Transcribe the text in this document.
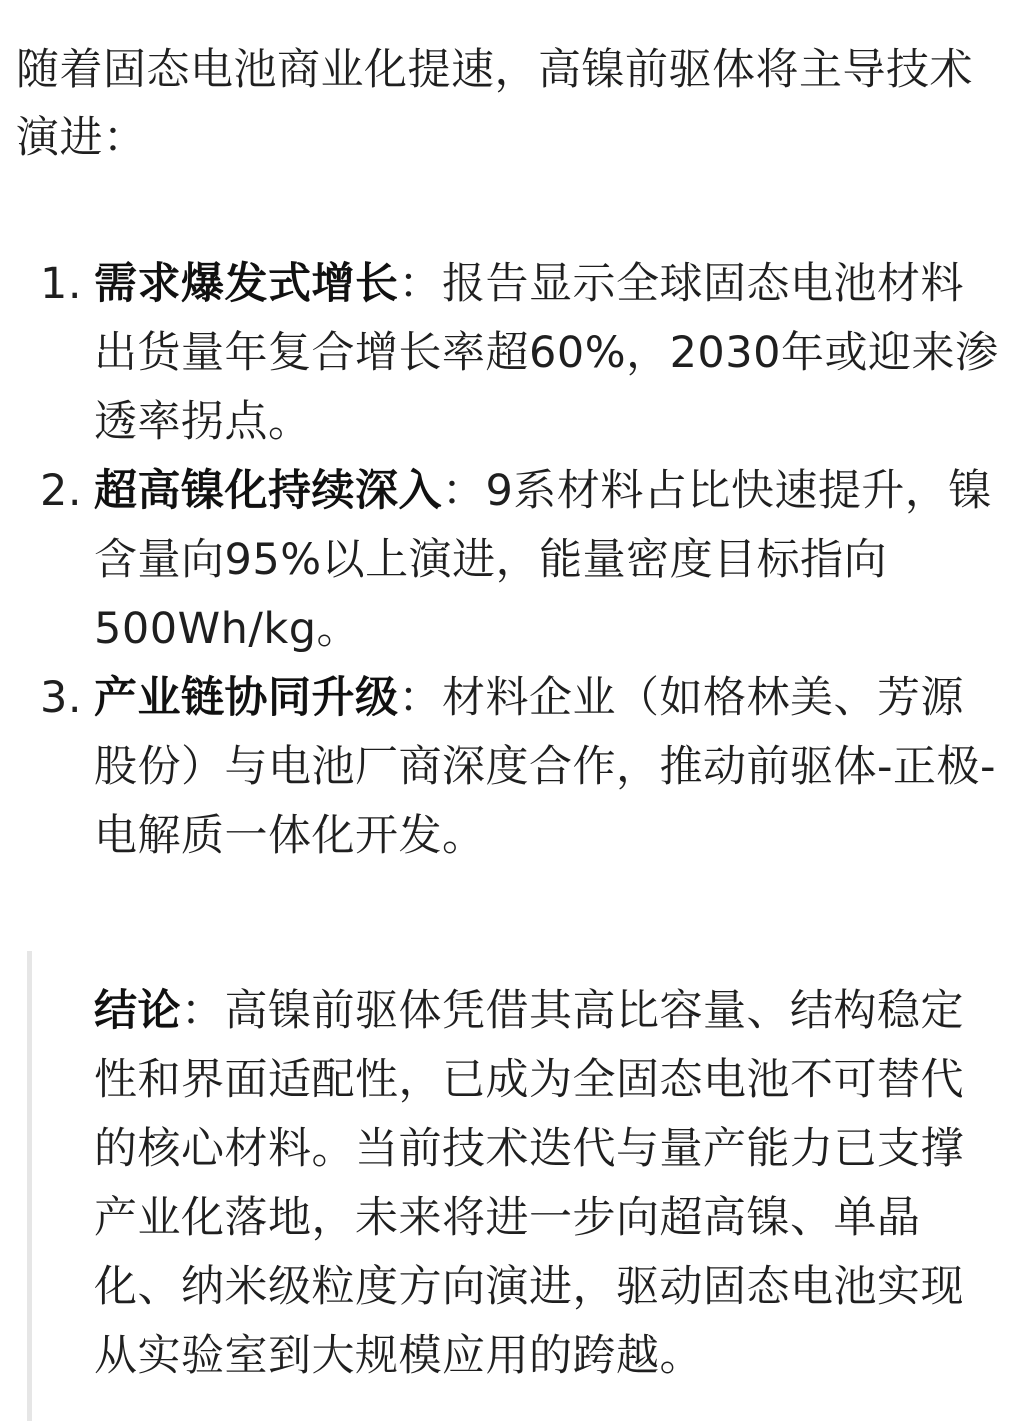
随着固态电池商业化提速，高镍前驱体将主导技术演进：

1. 需求爆发式增长：报告显示全球固态电池材料出货量年复合增长率超60%，2030年或迎来渗透率拐点。
2. 超高镍化持续深入：9系材料占比快速提升，镍含量向95%以上演进，能量密度目标指向500Wh/kg。
3. 产业链协同升级：材料企业（如格林美、芳源股份）与电池厂商深度合作，推动前驱体-正极-电解质一体化开发。

结论：高镍前驱体凭借其高比容量、结构稳定性和界面适配性，已成为全固态电池不可替代的核心材料。当前技术迭代与量产能力已支撑产业化落地，未来将进一步向超高镍、单晶化、纳米级粒度方向演进，驱动固态电池实现从实验室到大规模应用的跨越。
